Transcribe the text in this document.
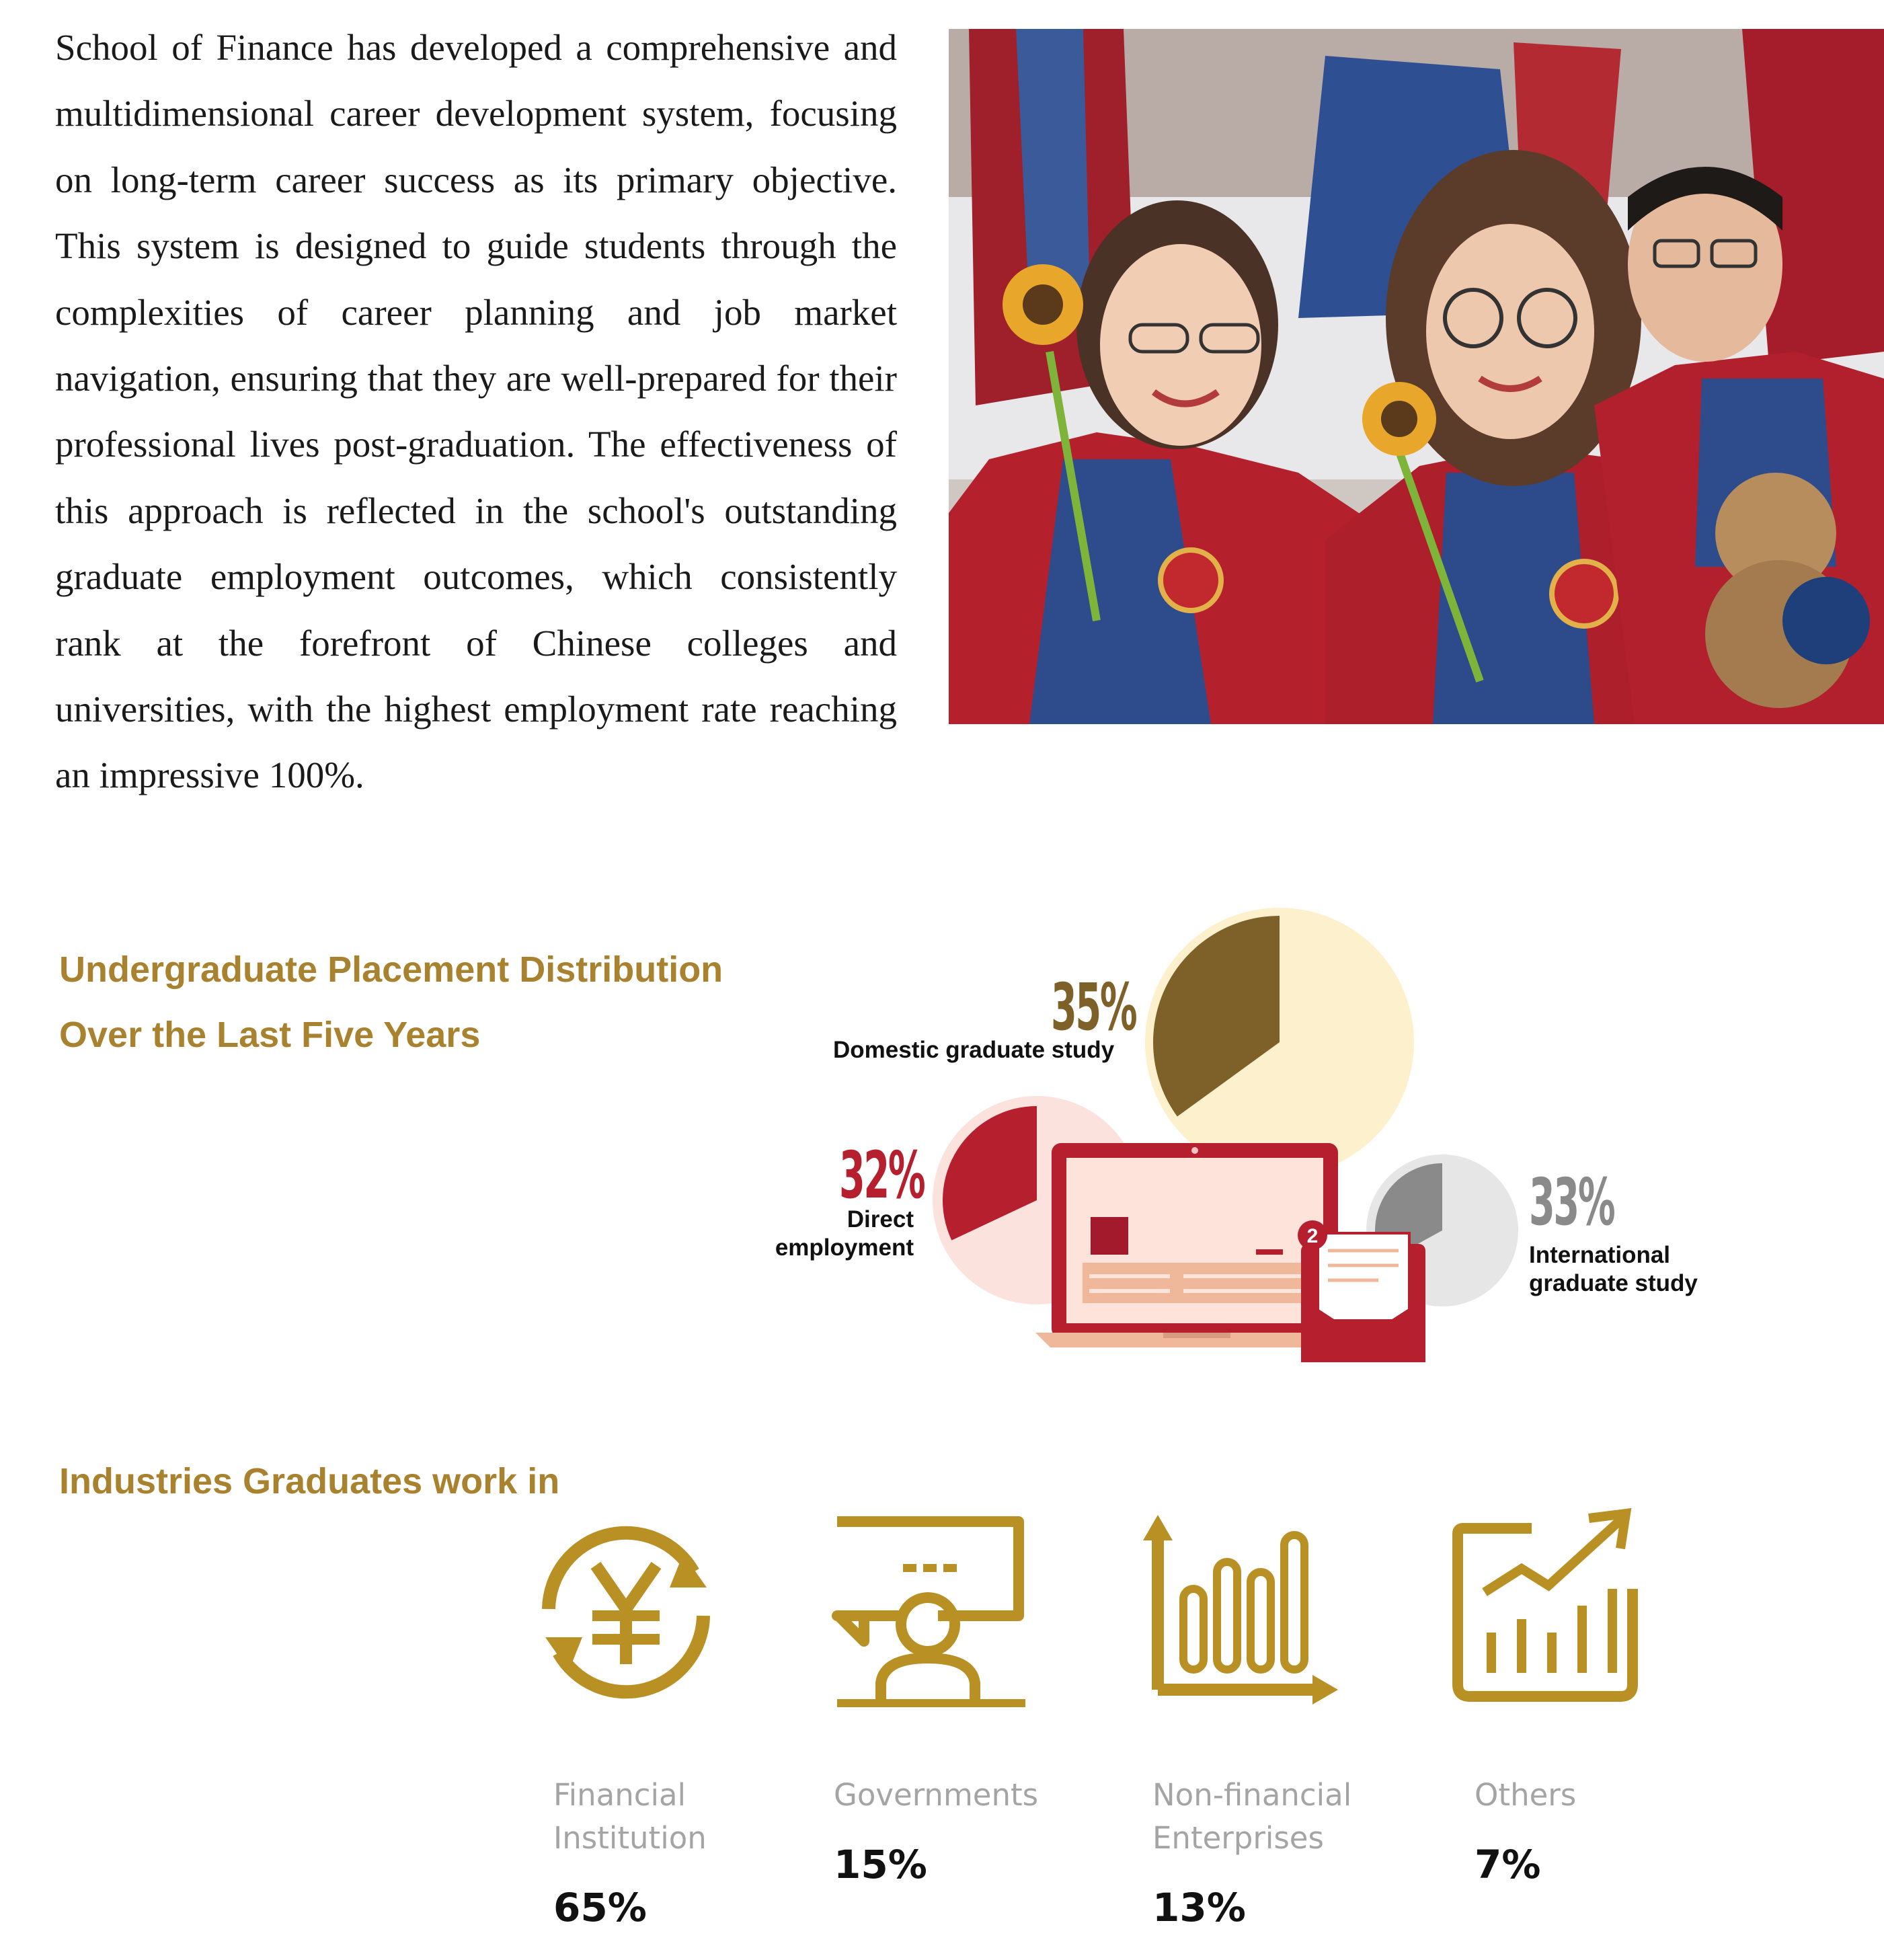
School of Finance has developed a comprehensive and multidimensional career development system, focusing on long-term career success as its primary objective. This system is designed to guide students through the complexities of career planning and job market navigation, ensuring that they are well-prepared for their professional lives post-graduation. The effectiveness of this approach is reflected in the school's outstanding graduate employment outcomes, which consistently rank at the forefront of Chinese colleges and universities, with the highest employment rate reaching an impressive 100%.

Undergraduate Placement Distribution

Over the Last Five Years

2
35%

Domestic graduate study

32%

Direct

employment

33%

International

graduate study

Industries Graduates work in

Financial

Institution

65%

Governments

15%

Non-financial

Enterprises

13%

Others

7%
